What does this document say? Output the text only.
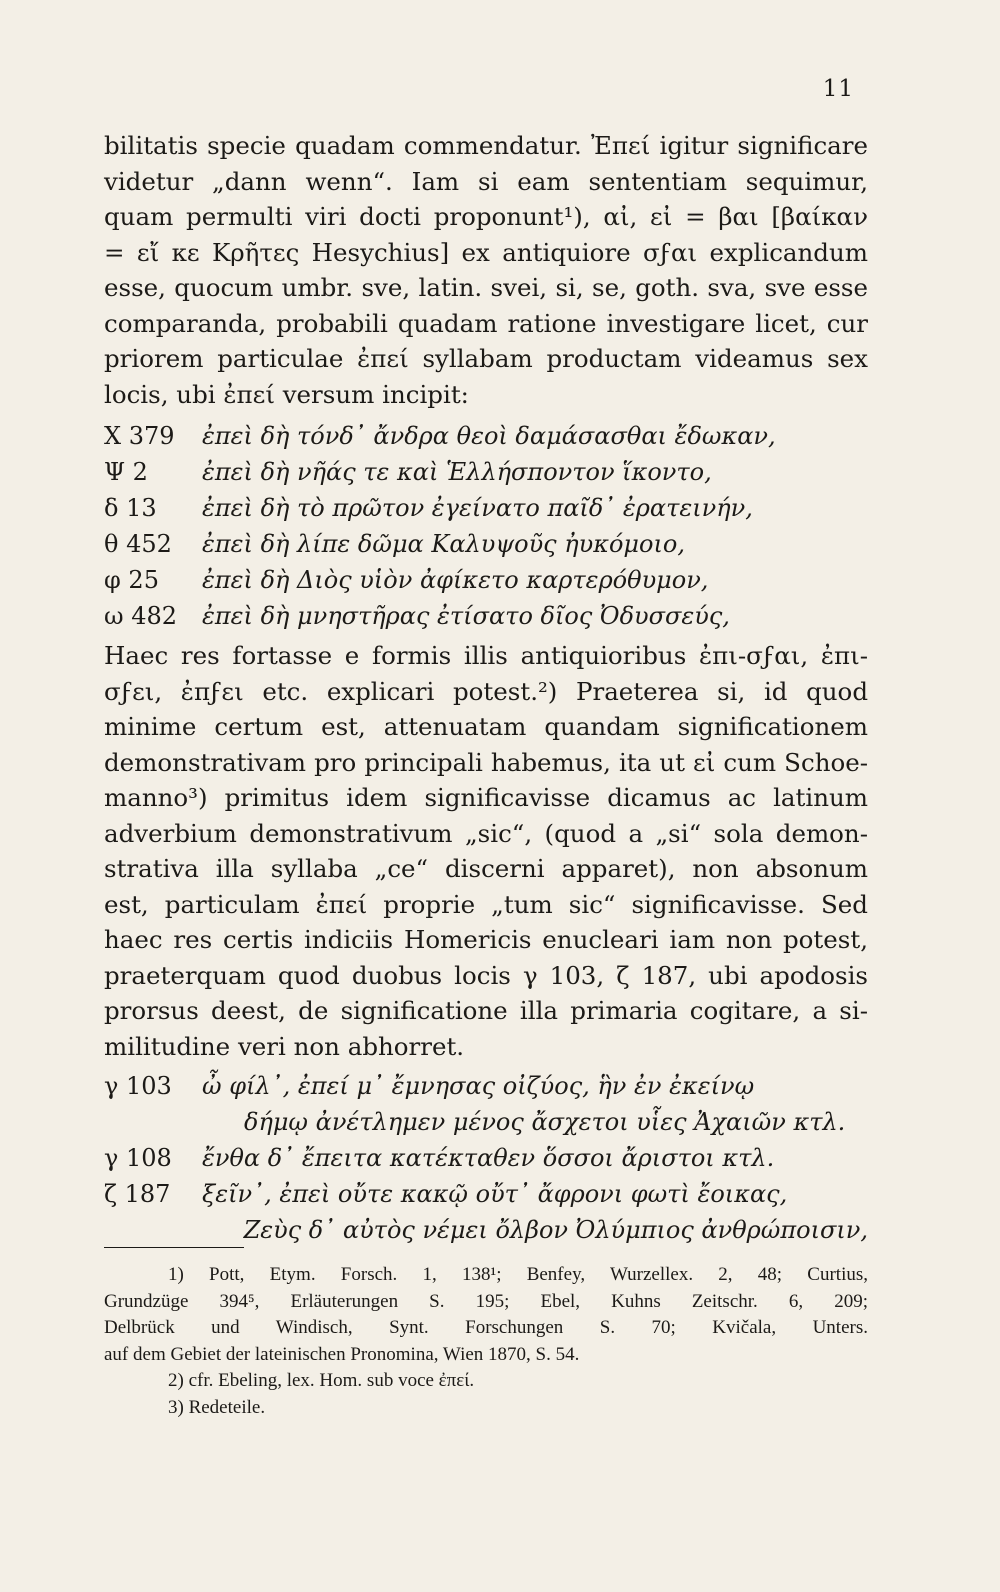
11
bilitatis specie quadam commendatur. Ἐπεί igitur significare
videtur „dann wenn“. Iam si eam sententiam sequimur,
quam permulti viri docti proponunt¹), αἰ, εἰ = βαι [βαίκαν
= εἴ κε Κρῆτες Hesychius] ex antiquiore σϝαι explicandum
esse, quocum umbr. sve, latin. svei, si, se, goth. sva, sve esse
comparanda, probabili quadam ratione investigare licet, cur
priorem particulae ἐπεί syllabam productam videamus sex
locis, ubi ἐπεί versum incipit:
Χ 379	ἐπεὶ δὴ τόνδ᾽ ἄνδρα θεοὶ δαμάσασθαι ἔδωκαν,
Ψ 2	ἐπεὶ δὴ νῆάς τε καὶ Ἑλλήσποντον ἵκοντο,
δ 13	ἐπεὶ δὴ τὸ πρῶτον ἐγείνατο παῖδ᾽ ἐρατεινήν,
θ 452	ἐπεὶ δὴ λίπε δῶμα Καλυψοῦς ἠυκόμοιο,
φ 25	ἐπεὶ δὴ Διὸς υἱὸν ἀφίκετο καρτερόθυμον,
ω 482	ἐπεὶ δὴ μνηστῆρας ἐτίσατο δῖος Ὀδυσσεύς,
Haec res fortasse e formis illis antiquioribus ἐπι-σϝαι, ἐπι-
σϝει, ἐπϝει etc. explicari potest.²) Praeterea si, id quod
minime certum est, attenuatam quandam significationem
demonstrativam pro principali habemus, ita ut εἰ cum Schoe-
manno³) primitus idem significavisse dicamus ac latinum
adverbium demonstrativum „sic“, (quod a „si“ sola demon-
strativa illa syllaba „ce“ discerni apparet), non absonum
est, particulam ἐπεί proprie „tum sic“ significavisse. Sed
haec res certis indiciis Homericis enucleari iam non potest,
praeterquam quod duobus locis γ 103, ζ 187, ubi apodosis
prorsus deest, de significatione illa primaria cogitare, a si-
militudine veri non abhorret.
γ 103	ὦ φίλ᾽, ἐπεί μ᾽ ἔμνησας οἰζύος, ἣν ἐν ἐκείνῳ
δήμῳ ἀνέτλημεν μένος ἄσχετοι υἷες Ἀχαιῶν κτλ.
γ 108	ἔνθα δ᾽ ἔπειτα κατέκταθεν ὅσσοι ἄριστοι κτλ.
ζ 187	ξεῖν᾽, ἐπεὶ οὔτε κακῷ οὔτ᾽ ἄφρονι φωτὶ ἔοικας,
Ζεὺς δ᾽ αὐτὸς νέμει ὄλβον Ὀλύμπιος ἀνθρώποισιν,
1) Pott, Etym. Forsch. 1, 138¹; Benfey, Wurzellex. 2, 48; Curtius,
Grundzüge 394⁵, Erläuterungen S. 195; Ebel, Kuhns Zeitschr. 6, 209;
Delbrück und Windisch, Synt. Forschungen S. 70; Kvičala, Unters.
auf dem Gebiet der lateinischen Pronomina, Wien 1870, S. 54.
2) cfr. Ebeling, lex. Hom. sub voce ἐπεί.
3) Redeteile.
